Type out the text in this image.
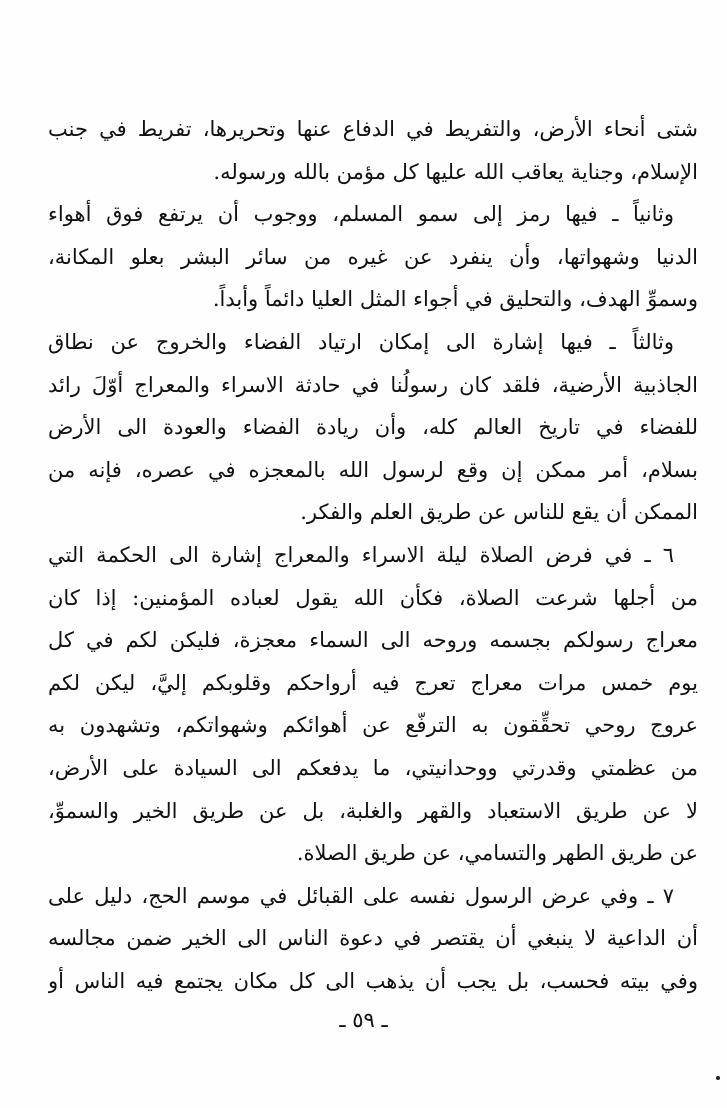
شتى أنحاء الأرض، والتفريط في الدفاع عنها وتحريرها، تفريط في جنب
الإسلام، وجناية يعاقب الله عليها كل مؤمن بالله ورسوله.
وثانياً ـ فيها رمز إلى سمو المسلم، ووجوب أن يرتفع فوق أهواء
الدنيا وشهواتها، وأن ينفرد عن غيره من سائر البشر بعلو المكانة،
وسموِّ الهدف، والتحليق في أجواء المثل العليا دائماً وأبداً.
وثالثاً ـ فيها إشارة الى إمكان ارتياد الفضاء والخروج عن نطاق
الجاذبية الأرضية، فلقد كان رسولُنا في حادثة الاسراء والمعراج أوّلَ رائد
للفضاء في تاريخ العالم كله، وأن ريادة الفضاء والعودة الى الأرض
بسلام، أمر ممكن إن وقع لرسول الله بالمعجزه في عصره، فإنه من
الممكن أن يقع للناس عن طريق العلم والفكر.
٦ ـ في فرض الصلاة ليلة الاسراء والمعراج إشارة الى الحكمة التي
من أجلها شرعت الصلاة، فكأن الله يقول لعباده المؤمنين: إذا كان
معراج رسولكم بجسمه وروحه الى السماء معجزة، فليكن لكم في كل
يوم خمس مرات معراج تعرج فيه أرواحكم وقلوبكم إليَّ، ليكن لكم
عروج روحي تحقِّقون به الترفّع عن أهوائكم وشهواتكم، وتشهدون به
من عظمتي وقدرتي ووحدانيتي، ما يدفعكم الى السيادة على الأرض،
لا عن طريق الاستعباد والقهر والغلبة، بل عن طريق الخير والسموِّ،
عن طريق الطهر والتسامي، عن طريق الصلاة.
٧ ـ وفي عرض الرسول نفسه على القبائل في موسم الحج، دليل على
أن الداعية لا ينبغي أن يقتصر في دعوة الناس الى الخير ضمن مجالسه
وفي بيته فحسب، بل يجب أن يذهب الى كل مكان يجتمع فيه الناس أو
ـ ٥٩ ـ
